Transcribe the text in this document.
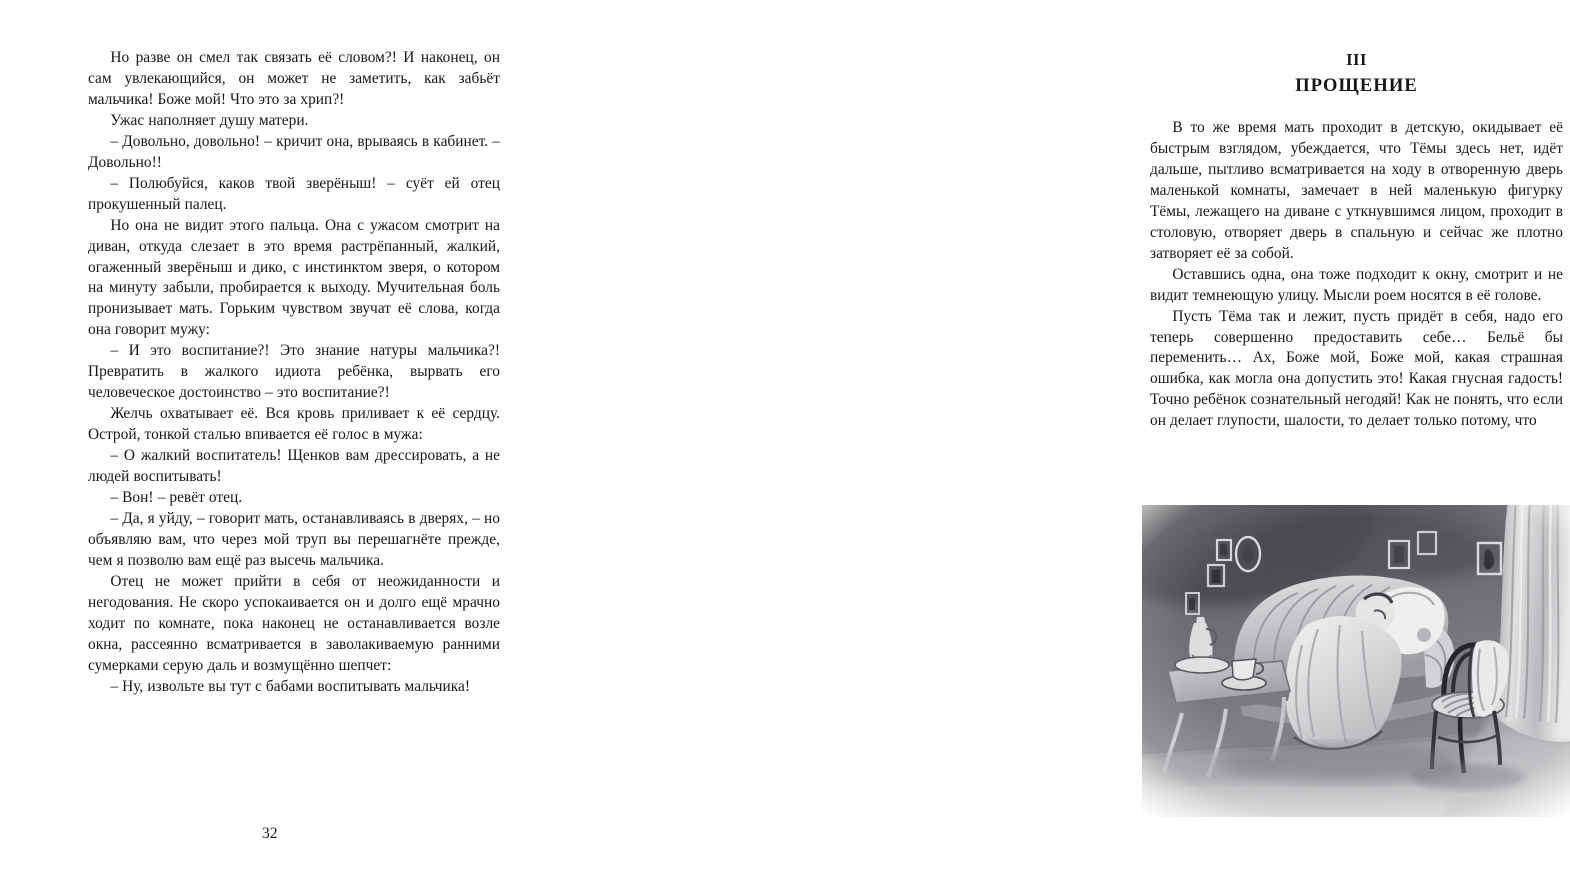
Но разве он смел так связать её словом?! И наконец, он сам увлекающийся, он может не заметить, как забьёт мальчика! Боже мой! Что это за хрип?!

Ужас наполняет душу матери.

– Довольно, довольно! – кричит она, врываясь в кабинет. – Довольно!!

– Полюбуйся, каков твой зверёныш! – суёт ей отец прокушенный палец.

Но она не видит этого пальца. Она с ужасом смотрит на диван, откуда слезает в это время растрёпанный, жалкий, огаженный зверёныш и дико, с инстинктом зверя, о котором на минуту забыли, пробирается к выходу. Мучительная боль пронизывает мать. Горьким чувством звучат её слова, когда она говорит мужу:

– И это воспитание?! Это знание натуры мальчика?! Превратить в жалкого идиота ребёнка, вырвать его человеческое достоинство – это воспитание?!

Желчь охватывает её. Вся кровь приливает к её сердцу. Острой, тонкой сталью впивается её голос в мужа:

– О жалкий воспитатель! Щенков вам дрессировать, а не людей воспитывать!

– Вон! – ревёт отец.

– Да, я уйду, – говорит мать, останавливаясь в дверях, – но объявляю вам, что через мой труп вы перешагнёте прежде, чем я позволю вам ещё раз высечь мальчика.

Отец не может прийти в себя от неожиданности и негодования. Не скоро успокаивается он и долго ещё мрачно ходит по комнате, пока наконец не останавливается возле окна, рассеянно всматривается в заволакиваемую ранними сумерками серую даль и возмущённо шепчет:

– Ну, извольте вы тут с бабами воспитывать мальчика!

32
III
ПРОЩЕНИЕ

В то же время мать проходит в детскую, окидывает её быстрым взглядом, убеждается, что Тёмы здесь нет, идёт дальше, пытливо всматривается на ходу в отворенную дверь маленькой комнаты, замечает в ней маленькую фигурку Тёмы, лежащего на диване с уткнувшимся лицом, проходит в столовую, отворяет дверь в спальную и сейчас же плотно затворяет её за собой.

Оставшись одна, она тоже подходит к окну, смотрит и не видит темнеющую улицу. Мысли роем носятся в её голове.

Пусть Тёма так и лежит, пусть придёт в себя, надо его теперь совершенно предоставить себе… Бельё бы переменить… Ах, Боже мой, Боже мой, какая страшная ошибка, как могла она допустить это! Какая гнусная гадость! Точно ребёнок сознательный негодяй! Как не понять, что если он делает глупости, шалости, то делает только потому, что
